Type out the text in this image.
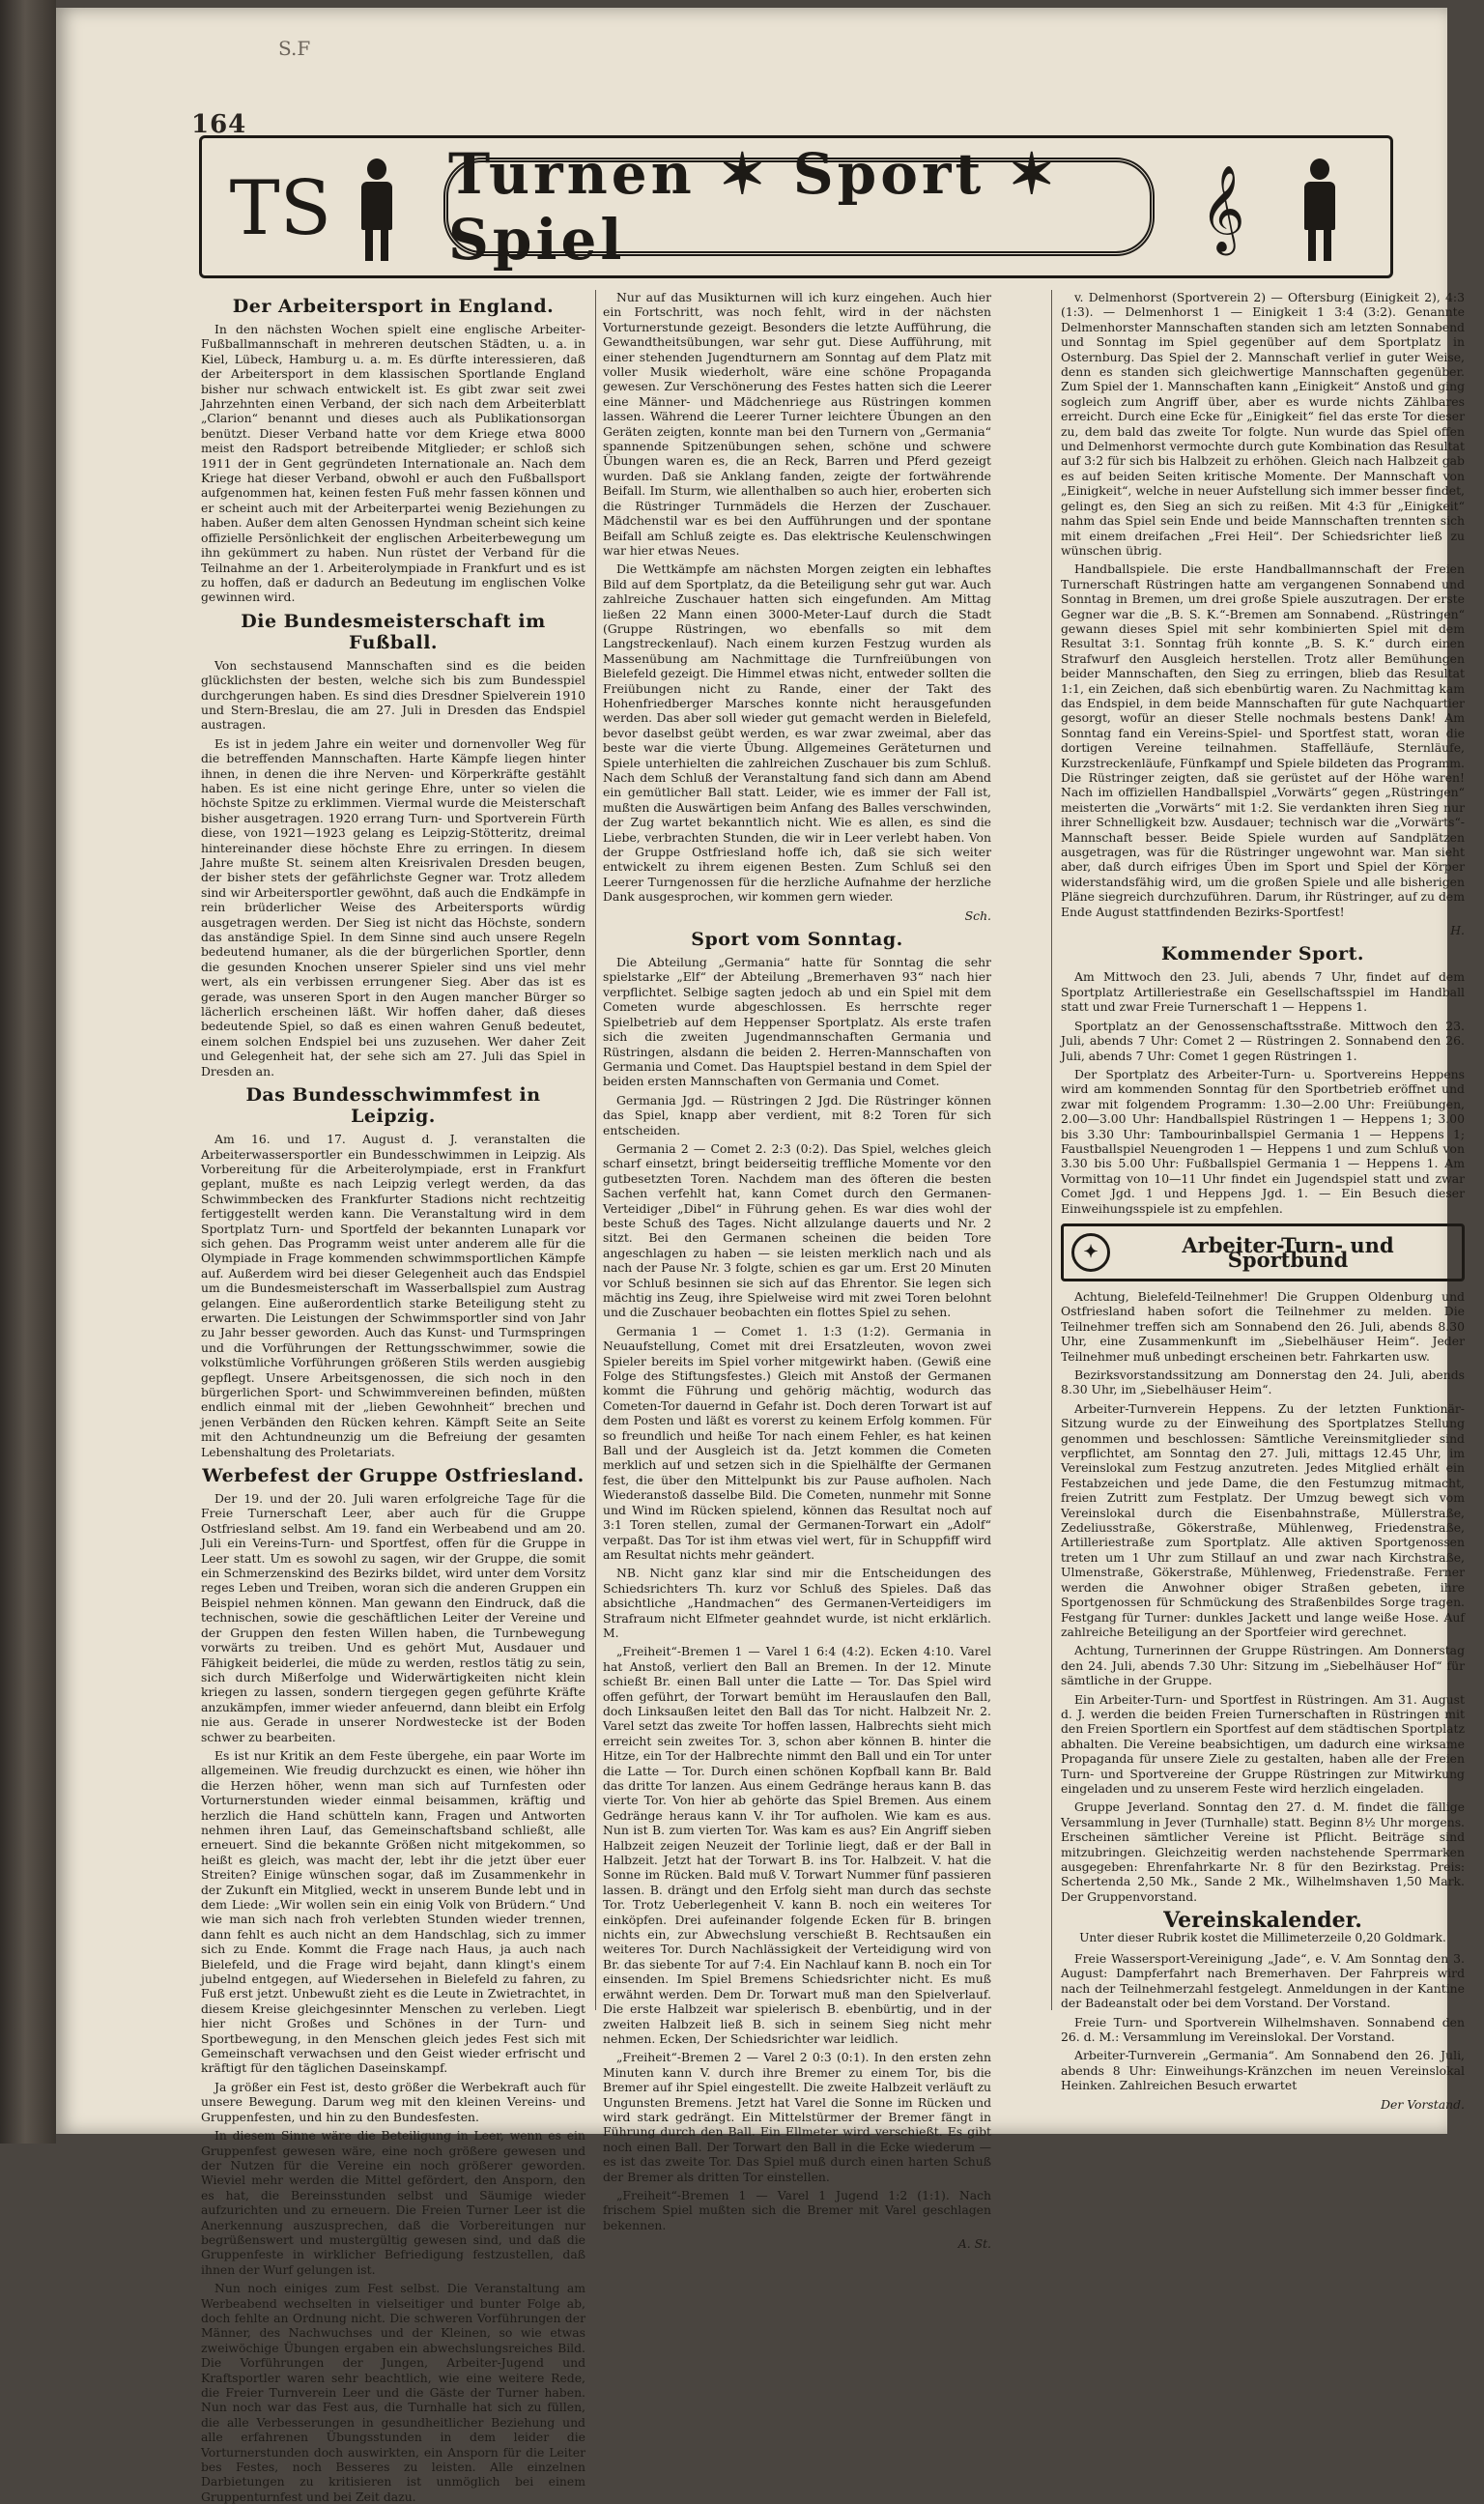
S.F
164
TS Turnen ✶ Sport ✶ Spiel	𝄞
Der Arbeitersport in England.

In den nächsten Wochen spielt eine englische Arbeiter-Fußballmannschaft in mehreren deutschen Städten, u. a. in Kiel, Lübeck, Hamburg u. a. m. Es dürfte interessieren, daß der Arbeitersport in dem klassischen Sportlande England bisher nur schwach entwickelt ist. Es gibt zwar seit zwei Jahrzehnten einen Verband, der sich nach dem Arbeiterblatt „Clarion“ benannt und dieses auch als Publikationsorgan benützt. Dieser Verband hatte vor dem Kriege etwa 8000 meist den Radsport betreibende Mitglieder; er schloß sich 1911 der in Gent gegründeten Internationale an. Nach dem Kriege hat dieser Verband, obwohl er auch den Fußballsport aufgenommen hat, keinen festen Fuß mehr fassen können und er scheint auch mit der Arbeiterpartei wenig Beziehungen zu haben. Außer dem alten Genossen Hyndman scheint sich keine offizielle Persönlichkeit der englischen Arbeiterbewegung um ihn gekümmert zu haben. Nun rüstet der Verband für die Teilnahme an der 1. Arbeiterolympiade in Frankfurt und es ist zu hoffen, daß er dadurch an Bedeutung im englischen Volke gewinnen wird.

Die Bundesmeisterschaft im Fußball.

Von sechstausend Mannschaften sind es die beiden glücklichsten der besten, welche sich bis zum Bundesspiel durchgerungen haben. Es sind dies Dresdner Spielverein 1910 und Stern-Breslau, die am 27. Juli in Dresden das Endspiel austragen.

Es ist in jedem Jahre ein weiter und dornenvoller Weg für die betreffenden Mannschaften. Harte Kämpfe liegen hinter ihnen, in denen die ihre Nerven- und Körperkräfte gestählt haben. Es ist eine nicht geringe Ehre, unter so vielen die höchste Spitze zu erklimmen. Viermal wurde die Meisterschaft bisher ausgetragen. 1920 errang Turn- und Sportverein Fürth diese, von 1921—1923 gelang es Leipzig-Stötteritz, dreimal hintereinander diese höchste Ehre zu erringen. In diesem Jahre mußte St. seinem alten Kreisrivalen Dresden beugen, der bisher stets der gefährlichste Gegner war. Trotz alledem sind wir Arbeitersportler gewöhnt, daß auch die Endkämpfe in rein brüderlicher Weise des Arbeitersports würdig ausgetragen werden. Der Sieg ist nicht das Höchste, sondern das anständige Spiel. In dem Sinne sind auch unsere Regeln bedeutend humaner, als die der bürgerlichen Sportler, denn die gesunden Knochen unserer Spieler sind uns viel mehr wert, als ein verbissen errungener Sieg. Aber das ist es gerade, was unseren Sport in den Augen mancher Bürger so lächerlich erscheinen läßt. Wir hoffen daher, daß dieses bedeutende Spiel, so daß es einen wahren Genuß bedeutet, einem solchen Endspiel bei uns zuzusehen. Wer daher Zeit und Gelegenheit hat, der sehe sich am 27. Juli das Spiel in Dresden an.

Das Bundesschwimmfest in Leipzig.

Am 16. und 17. August d. J. veranstalten die Arbeiterwassersportler ein Bundesschwimmen in Leipzig. Als Vorbereitung für die Arbeiterolympiade, erst in Frankfurt geplant, mußte es nach Leipzig verlegt werden, da das Schwimmbecken des Frankfurter Stadions nicht rechtzeitig fertiggestellt werden kann. Die Veranstaltung wird in dem Sportplatz Turn- und Sportfeld der bekannten Lunapark vor sich gehen. Das Programm weist unter anderem alle für die Olympiade in Frage kommenden schwimmsportlichen Kämpfe auf. Außerdem wird bei dieser Gelegenheit auch das Endspiel um die Bundesmeisterschaft im Wasserballspiel zum Austrag gelangen. Eine außerordentlich starke Beteiligung steht zu erwarten. Die Leistungen der Schwimmsportler sind von Jahr zu Jahr besser geworden. Auch das Kunst- und Turmspringen und die Vorführungen der Rettungsschwimmer, sowie die volkstümliche Vorführungen größeren Stils werden ausgiebig gepflegt. Unsere Arbeitsgenossen, die sich noch in den bürgerlichen Sport- und Schwimmvereinen befinden, müßten endlich einmal mit der „lieben Gewohnheit“ brechen und jenen Verbänden den Rücken kehren. Kämpft Seite an Seite mit den Achtundneunzig um die Befreiung der gesamten Lebenshaltung des Proletariats.

Werbefest der Gruppe Ostfriesland.

Der 19. und der 20. Juli waren erfolgreiche Tage für die Freie Turnerschaft Leer, aber auch für die Gruppe Ostfriesland selbst. Am 19. fand ein Werbeabend und am 20. Juli ein Vereins-Turn- und Sportfest, offen für die Gruppe in Leer statt. Um es sowohl zu sagen, wir der Gruppe, die somit ein Schmerzenskind des Bezirks bildet, wird unter dem Vorsitz reges Leben und Treiben, woran sich die anderen Gruppen ein Beispiel nehmen können. Man gewann den Eindruck, daß die technischen, sowie die geschäftlichen Leiter der Vereine und der Gruppen den festen Willen haben, die Turnbewegung vorwärts zu treiben. Und es gehört Mut, Ausdauer und Fähigkeit beiderlei, die müde zu werden, restlos tätig zu sein, sich durch Mißerfolge und Widerwärtigkeiten nicht klein kriegen zu lassen, sondern tiergegen gegen geführte Kräfte anzukämpfen, immer wieder anfeuernd, dann bleibt ein Erfolg nie aus. Gerade in unserer Nordwestecke ist der Boden schwer zu bearbeiten.

Es ist nur Kritik an dem Feste übergehe, ein paar Worte im allgemeinen. Wie freudig durchzuckt es einen, wie höher ihn die Herzen höher, wenn man sich auf Turnfesten oder Vorturnerstunden wieder einmal beisammen, kräftig und herzlich die Hand schütteln kann, Fragen und Antworten nehmen ihren Lauf, das Gemeinschaftsband schließt, alle erneuert. Sind die bekannte Größen nicht mitgekommen, so heißt es gleich, was macht der, lebt ihr die jetzt über euer Streiten? Einige wünschen sogar, daß im Zusammenkehr in der Zukunft ein Mitglied, weckt in unserem Bunde lebt und in dem Liede: „Wir wollen sein ein einig Volk von Brüdern.“ Und wie man sich nach froh verlebten Stunden wieder trennen, dann fehlt es auch nicht an dem Handschlag, sich zu immer sich zu Ende. Kommt die Frage nach Haus, ja auch nach Bielefeld, und die Frage wird bejaht, dann klingt's einem jubelnd entgegen, auf Wiedersehen in Bielefeld zu fahren, zu Fuß erst jetzt. Unbewußt zieht es die Leute in Zwietrachtet, in diesem Kreise gleichgesinnter Menschen zu verleben. Liegt hier nicht Großes und Schönes in der Turn- und Sportbewegung, in den Menschen gleich jedes Fest sich mit Gemeinschaft verwachsen und den Geist wieder erfrischt und kräftigt für den täglichen Daseinskampf.

Ja größer ein Fest ist, desto größer die Werbekraft auch für unsere Bewegung. Darum weg mit den kleinen Vereins- und Gruppenfesten, und hin zu den Bundesfesten.

In diesem Sinne wäre die Beteiligung in Leer, wenn es ein Gruppenfest gewesen wäre, eine noch größere gewesen und der Nutzen für die Vereine ein noch größerer geworden. Wieviel mehr werden die Mittel gefördert, den Ansporn, den es hat, die Bereinsstunden selbst und Säumige wieder aufzurichten und zu erneuern. Die Freien Turner Leer ist die Anerkennung auszusprechen, daß die Vorbereitungen nur begrüßenswert und mustergültig gewesen sind, und daß die Gruppenfeste in wirklicher Befriedigung festzustellen, daß ihnen der Wurf gelungen ist.

Nun noch einiges zum Fest selbst. Die Veranstaltung am Werbeabend wechselten in vielseitiger und bunter Folge ab, doch fehlte an Ordnung nicht. Die schweren Vorführungen der Männer, des Nachwuchses und der Kleinen, so wie etwas zweiwöchige Übungen ergaben ein abwechslungsreiches Bild. Die Vorführungen der Jungen, Arbeiter-Jugend und Kraftsportler waren sehr beachtlich, wie eine weitere Rede, die Freier Turnverein Leer und die Gäste der Turner haben. Nun noch war das Fest aus, die Turnhalle hat sich zu füllen, die alle Verbesserungen in gesundheitlicher Beziehung und alle erfahrenen Übungsstunden in dem leider die Vorturnerstunden doch auswirkten, ein Ansporn für die Leiter bes Festes, noch Besseres zu leisten. Alle einzelnen Darbietungen zu kritisieren ist unmöglich bei einem Gruppenturnfest und bei Zeit dazu.

Nur auf das Musikturnen will ich kurz eingehen. Auch hier ein Fortschritt, was noch fehlt, wird in der nächsten Vorturnerstunde gezeigt. Besonders die letzte Aufführung, die Gewandtheitsübungen, war sehr gut. Diese Aufführung, mit einer stehenden Jugendturnern am Sonntag auf dem Platz mit voller Musik wiederholt, wäre eine schöne Propaganda gewesen. Zur Verschönerung des Festes hatten sich die Leerer eine Männer- und Mädchenriege aus Rüstringen kommen lassen. Während die Leerer Turner leichtere Übungen an den Geräten zeigten, konnte man bei den Turnern von „Germania“ spannende Spitzenübungen sehen, schöne und schwere Übungen waren es, die an Reck, Barren und Pferd gezeigt wurden. Daß sie Anklang fanden, zeigte der fortwährende Beifall. Im Sturm, wie allenthalben so auch hier, eroberten sich die Rüstringer Turnmädels die Herzen der Zuschauer. Mädchenstil war es bei den Aufführungen und der spontane Beifall am Schluß zeigte es. Das elektrische Keulenschwingen war hier etwas Neues.

Die Wettkämpfe am nächsten Morgen zeigten ein lebhaftes Bild auf dem Sportplatz, da die Beteiligung sehr gut war. Auch zahlreiche Zuschauer hatten sich eingefunden. Am Mittag ließen 22 Mann einen 3000-Meter-Lauf durch die Stadt (Gruppe Rüstringen, wo ebenfalls so mit dem Langstreckenlauf). Nach einem kurzen Festzug wurden als Massenübung am Nachmittage die Turnfreiübungen von Bielefeld gezeigt. Die Himmel etwas nicht, entweder sollten die Freiübungen nicht zu Rande, einer der Takt des Hohenfriedberger Marsches konnte nicht herausgefunden werden. Das aber soll wieder gut gemacht werden in Bielefeld, bevor daselbst geübt werden, es war zwar zweimal, aber das beste war die vierte Übung. Allgemeines Geräteturnen und Spiele unterhielten die zahlreichen Zuschauer bis zum Schluß. Nach dem Schluß der Veranstaltung fand sich dann am Abend ein gemütlicher Ball statt. Leider, wie es immer der Fall ist, mußten die Auswärtigen beim Anfang des Balles verschwinden, der Zug wartet bekanntlich nicht. Wie es allen, es sind die Liebe, verbrachten Stunden, die wir in Leer verlebt haben. Von der Gruppe Ostfriesland hoffe ich, daß sie sich weiter entwickelt zu ihrem eigenen Besten. Zum Schluß sei den Leerer Turngenossen für die herzliche Aufnahme der herzliche Dank ausgesprochen, wir kommen gern wieder.

Sch.
Sport vom Sonntag.

Die Abteilung „Germania“ hatte für Sonntag die sehr spielstarke „Elf“ der Abteilung „Bremerhaven 93“ nach hier verpflichtet. Selbige sagten jedoch ab und ein Spiel mit dem Cometen wurde abgeschlossen. Es herrschte reger Spielbetrieb auf dem Heppenser Sportplatz. Als erste trafen sich die zweiten Jugendmannschaften Germania und Rüstringen, alsdann die beiden 2. Herren-Mannschaften von Germania und Comet. Das Hauptspiel bestand in dem Spiel der beiden ersten Mannschaften von Germania und Comet.

Germania Jgd. — Rüstringen 2 Jgd. Die Rüstringer können das Spiel, knapp aber verdient, mit 8:2 Toren für sich entscheiden.

Germania 2 — Comet 2. 2:3 (0:2). Das Spiel, welches gleich scharf einsetzt, bringt beiderseitig treffliche Momente vor den gutbesetzten Toren. Nachdem man des öfteren die besten Sachen verfehlt hat, kann Comet durch den Germanen-Verteidiger „Dibel“ in Führung gehen. Es war dies wohl der beste Schuß des Tages. Nicht allzulange dauerts und Nr. 2 sitzt. Bei den Germanen scheinen die beiden Tore angeschlagen zu haben — sie leisten merklich nach und als nach der Pause Nr. 3 folgte, schien es gar um. Erst 20 Minuten vor Schluß besinnen sie sich auf das Ehrentor. Sie legen sich mächtig ins Zeug, ihre Spielweise wird mit zwei Toren belohnt und die Zuschauer beobachten ein flottes Spiel zu sehen.

Germania 1 — Comet 1. 1:3 (1:2). Germania in Neuaufstellung, Comet mit drei Ersatzleuten, wovon zwei Spieler bereits im Spiel vorher mitgewirkt haben. (Gewiß eine Folge des Stiftungsfestes.) Gleich mit Anstoß der Germanen kommt die Führung und gehörig mächtig, wodurch das Cometen-Tor dauernd in Gefahr ist. Doch deren Torwart ist auf dem Posten und läßt es vorerst zu keinem Erfolg kommen. Für so freundlich und heiße Tor nach einem Fehler, es hat keinen Ball und der Ausgleich ist da. Jetzt kommen die Cometen merklich auf und setzen sich in die Spielhälfte der Germanen fest, die über den Mittelpunkt bis zur Pause aufholen. Nach Wiederanstoß dasselbe Bild. Die Cometen, nunmehr mit Sonne und Wind im Rücken spielend, können das Resultat noch auf 3:1 Toren stellen, zumal der Germanen-Torwart ein „Adolf“ verpaßt. Das Tor ist ihm etwas viel wert, für in Schuppfiff wird am Resultat nichts mehr geändert.

NB. Nicht ganz klar sind mir die Entscheidungen des Schiedsrichters Th. kurz vor Schluß des Spieles. Daß das absichtliche „Handmachen“ des Germanen-Verteidigers im Strafraum nicht Elfmeter geahndet wurde, ist nicht erklärlich. M.

„Freiheit“-Bremen 1 — Varel 1 6:4 (4:2). Ecken 4:10. Varel hat Anstoß, verliert den Ball an Bremen. In der 12. Minute schießt Br. einen Ball unter die Latte — Tor. Das Spiel wird offen geführt, der Torwart bemüht im Herauslaufen den Ball, doch Linksaußen leitet den Ball das Tor nicht. Halbzeit Nr. 2. Varel setzt das zweite Tor hoffen lassen, Halbrechts sieht mich erreicht sein zweites Tor. 3, schon aber können B. hinter die Hitze, ein Tor der Halbrechte nimmt den Ball und ein Tor unter die Latte — Tor. Durch einen schönen Kopfball kann Br. Bald das dritte Tor lanzen. Aus einem Gedränge heraus kann B. das vierte Tor. Von hier ab gehörte das Spiel Bremen. Aus einem Gedränge heraus kann V. ihr Tor aufholen. Wie kam es aus. Nun ist B. zum vierten Tor. Was kam es aus? Ein Angriff sieben Halbzeit zeigen Neuzeit der Torlinie liegt, daß er der Ball in Halbzeit. Jetzt hat der Torwart B. ins Tor. Halbzeit. V. hat die Sonne im Rücken. Bald muß V. Torwart Nummer fünf passieren lassen. B. drängt und den Erfolg sieht man durch das sechste Tor. Trotz Ueberlegenheit V. kann B. noch ein weiteres Tor einköpfen. Drei aufeinander folgende Ecken für B. bringen nichts ein, zur Abwechslung verschießt B. Rechtsaußen ein weiteres Tor. Durch Nachlässigkeit der Verteidigung wird von Br. das siebente Tor auf 7:4. Ein Nachlauf kann B. noch ein Tor einsenden. Im Spiel Bremens Schiedsrichter nicht. Es muß erwähnt werden. Dem Dr. Torwart muß man den Spielverlauf. Die erste Halbzeit war spielerisch B. ebenbürtig, und in der zweiten Halbzeit ließ B. sich in seinem Sieg nicht mehr nehmen. Ecken, Der Schiedsrichter war leidlich.

„Freiheit“-Bremen 2 — Varel 2 0:3 (0:1). In den ersten zehn Minuten kann V. durch ihre Bremer zu einem Tor, bis die Bremer auf ihr Spiel eingestellt. Die zweite Halbzeit verläuft zu Ungunsten Bremens. Jetzt hat Varel die Sonne im Rücken und wird stark gedrängt. Ein Mittelstürmer der Bremer fängt in Führung durch den Ball. Ein Ellmeter wird verschießt. Es gibt noch einen Ball. Der Torwart den Ball in die Ecke wiederum — es ist das zweite Tor. Das Spiel muß durch einen harten Schuß der Bremer als dritten Tor einstellen.

„Freiheit“-Bremen 1 — Varel 1 Jugend 1:2 (1:1). Nach frischem Spiel mußten sich die Bremer mit Varel geschlagen bekennen.

A. St.

v. Delmenhorst (Sportverein 2) — Oftersburg (Einigkeit 2), 4:3 (1:3). — Delmenhorst 1 — Einigkeit 1 3:4 (3:2). Genannte Delmenhorster Mannschaften standen sich am letzten Sonnabend und Sonntag im Spiel gegenüber auf dem Sportplatz in Osternburg. Das Spiel der 2. Mannschaft verlief in guter Weise, denn es standen sich gleichwertige Mannschaften gegenüber. Zum Spiel der 1. Mannschaften kann „Einigkeit“ Anstoß und ging sogleich zum Angriff über, aber es wurde nichts Zählbares erreicht. Durch eine Ecke für „Einigkeit“ fiel das erste Tor dieser zu, dem bald das zweite Tor folgte. Nun wurde das Spiel offen und Delmenhorst vermochte durch gute Kombination das Resultat auf 3:2 für sich bis Halbzeit zu erhöhen. Gleich nach Halbzeit gab es auf beiden Seiten kritische Momente. Der Mannschaft von „Einigkeit“, welche in neuer Aufstellung sich immer besser findet, gelingt es, den Sieg an sich zu reißen. Mit 4:3 für „Einigkeit“ nahm das Spiel sein Ende und beide Mannschaften trennten sich mit einem dreifachen „Frei Heil“. Der Schiedsrichter ließ zu wünschen übrig.

Handballspiele. Die erste Handballmannschaft der Freien Turnerschaft Rüstringen hatte am vergangenen Sonnabend und Sonntag in Bremen, um drei große Spiele auszutragen. Der erste Gegner war die „B. S. K.“-Bremen am Sonnabend. „Rüstringen“ gewann dieses Spiel mit sehr kombinierten Spiel mit dem Resultat 3:1. Sonntag früh konnte „B. S. K.“ durch einen Strafwurf den Ausgleich herstellen. Trotz aller Bemühungen beider Mannschaften, den Sieg zu erringen, blieb das Resultat 1:1, ein Zeichen, daß sich ebenbürtig waren. Zu Nachmittag kam das Endspiel, in dem beide Mannschaften für gute Nachquartier gesorgt, wofür an dieser Stelle nochmals bestens Dank! Am Sonntag fand ein Vereins-Spiel- und Sportfest statt, woran die dortigen Vereine teilnahmen. Staffelläufe, Sternläufe, Kurzstreckenläufe, Fünfkampf und Spiele bildeten das Programm. Die Rüstringer zeigten, daß sie gerüstet auf der Höhe waren! Nach im offiziellen Handballspiel „Vorwärts“ gegen „Rüstringen“ meisterten die „Vorwärts“ mit 1:2. Sie verdankten ihren Sieg nur ihrer Schnelligkeit bzw. Ausdauer; technisch war die „Vorwärts“-Mannschaft besser. Beide Spiele wurden auf Sandplätzen ausgetragen, was für die Rüstringer ungewohnt war. Man sieht aber, daß durch eifriges Üben im Sport und Spiel der Körper widerstandsfähig wird, um die großen Spiele und alle bisherigen Pläne siegreich durchzuführen. Darum, ihr Rüstringer, auf zu dem Ende August stattfindenden Bezirks-Sportfest!

H.
Kommender Sport.

Am Mittwoch den 23. Juli, abends 7 Uhr, findet auf dem Sportplatz Artilleriestraße ein Gesellschaftsspiel im Handball statt und zwar Freie Turnerschaft 1 — Heppens 1.

Sportplatz an der Genossenschaftsstraße. Mittwoch den 23. Juli, abends 7 Uhr: Comet 2 — Rüstringen 2. Sonnabend den 26. Juli, abends 7 Uhr: Comet 1 gegen Rüstringen 1.

Der Sportplatz des Arbeiter-Turn- u. Sportvereins Heppens wird am kommenden Sonntag für den Sportbetrieb eröffnet und zwar mit folgendem Programm: 1.30—2.00 Uhr: Freiübungen, 2.00—3.00 Uhr: Handballspiel Rüstringen 1 — Heppens 1; 3.00 bis 3.30 Uhr: Tambourinballspiel Germania 1 — Heppens 1; Faustballspiel Neuengroden 1 — Heppens 1 und zum Schluß von 3.30 bis 5.00 Uhr: Fußballspiel Germania 1 — Heppens 1. Am Vormittag von 10—11 Uhr findet ein Jugendspiel statt und zwar Comet Jgd. 1 und Heppens Jgd. 1. — Ein Besuch dieser Einweihungsspiele ist zu empfehlen.

✦	Arbeiter-Turn- und Sportbund

Achtung, Bielefeld-Teilnehmer! Die Gruppen Oldenburg und Ostfriesland haben sofort die Teilnehmer zu melden. Die Teilnehmer treffen sich am Sonnabend den 26. Juli, abends 8.30 Uhr, eine Zusammenkunft im „Siebelhäuser Heim“. Jeder Teilnehmer muß unbedingt erscheinen betr. Fahrkarten usw.

Bezirksvorstandssitzung am Donnerstag den 24. Juli, abends 8.30 Uhr, im „Siebelhäuser Heim“.

Arbeiter-Turnverein Heppens. Zu der letzten Funktionär-Sitzung wurde zu der Einweihung des Sportplatzes Stellung genommen und beschlossen: Sämtliche Vereinsmitglieder sind verpflichtet, am Sonntag den 27. Juli, mittags 12.45 Uhr, im Vereinslokal zum Festzug anzutreten. Jedes Mitglied erhält ein Festabzeichen und jede Dame, die den Festumzug mitmacht, freien Zutritt zum Festplatz. Der Umzug bewegt sich vom Vereinslokal durch die Eisenbahnstraße, Müllerstraße, Zedeliusstraße, Gökerstraße, Mühlenweg, Friedenstraße, Artilleriestraße zum Sportplatz. Alle aktiven Sportgenossen treten um 1 Uhr zum Stillauf an und zwar nach Kirchstraße, Ulmenstraße, Gökerstraße, Mühlenweg, Friedenstraße. Ferner werden die Anwohner obiger Straßen gebeten, ihre Sportgenossen für Schmückung des Straßenbildes Sorge tragen. Festgang für Turner: dunkles Jackett und lange weiße Hose. Auf zahlreiche Beteiligung an der Sportfeier wird gerechnet.

Achtung, Turnerinnen der Gruppe Rüstringen. Am Donnerstag den 24. Juli, abends 7.30 Uhr: Sitzung im „Siebelhäuser Hof“ für sämtliche in der Gruppe.

Ein Arbeiter-Turn- und Sportfest in Rüstringen. Am 31. August d. J. werden die beiden Freien Turnerschaften in Rüstringen mit den Freien Sportlern ein Sportfest auf dem städtischen Sportplatz abhalten. Die Vereine beabsichtigen, um dadurch eine wirksame Propaganda für unsere Ziele zu gestalten, haben alle der Freien Turn- und Sportvereine der Gruppe Rüstringen zur Mitwirkung eingeladen und zu unserem Feste wird herzlich eingeladen.

Gruppe Jeverland. Sonntag den 27. d. M. findet die fällige Versammlung in Jever (Turnhalle) statt. Beginn 8½ Uhr morgens. Erscheinen sämtlicher Vereine ist Pflicht. Beiträge sind mitzubringen. Gleichzeitig werden nachstehende Sperrmarken ausgegeben: Ehrenfahrkarte Nr. 8 für den Bezirkstag. Preis: Schertenda 2,50 Mk., Sande 2 Mk., Wilhelmshaven 1,50 Mark. Der Gruppenvorstand.

Vereinskalender.
Unter dieser Rubrik kostet die Millimeterzeile 0,20 Goldmark.

Freie Wassersport-Vereinigung „Jade“, e. V. Am Sonntag den 3. August: Dampferfahrt nach Bremerhaven. Der Fahrpreis wird nach der Teilnehmerzahl festgelegt. Anmeldungen in der Kantine der Badeanstalt oder bei dem Vorstand. Der Vorstand.

Freie Turn- und Sportverein Wilhelmshaven. Sonnabend den 26. d. M.: Versammlung im Vereinslokal. Der Vorstand.

Arbeiter-Turnverein „Germania“. Am Sonnabend den 26. Juli, abends 8 Uhr: Einweihungs-Kränzchen im neuen Vereinslokal Heinken. Zahlreichen Besuch erwartet

Der Vorstand.
